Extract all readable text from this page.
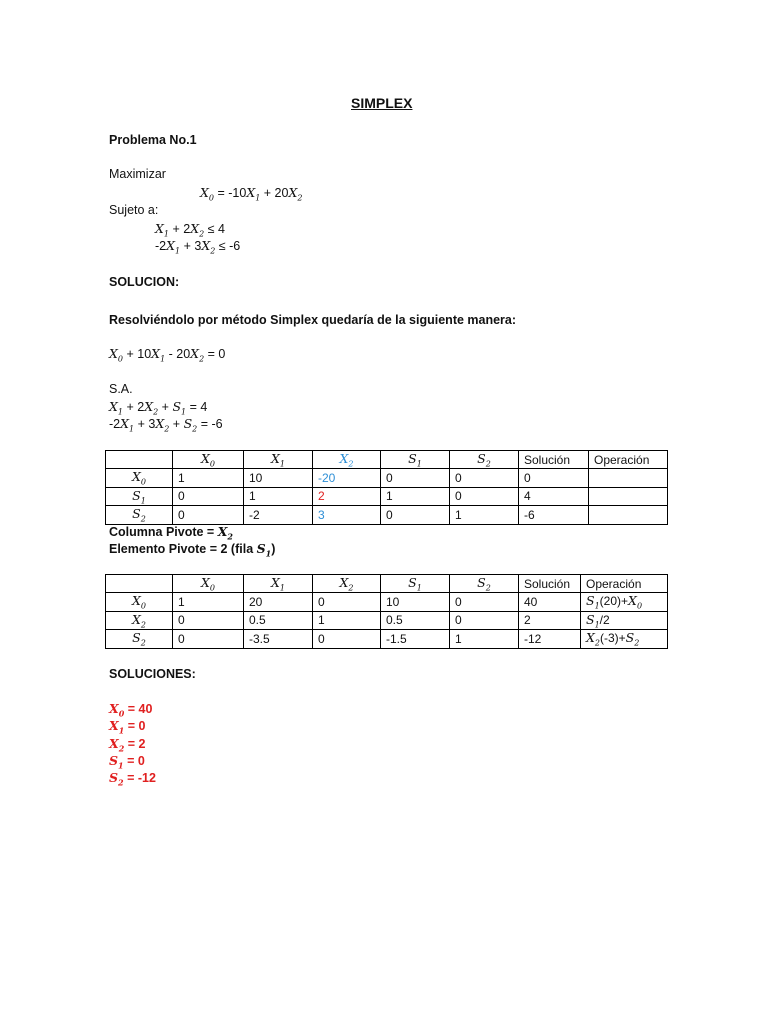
SIMPLEX
Problema No.1
Maximizar
$X_0 = -10X_1 + 20X_2$
Sujeto a:
$X_1 + 2X_2 \le 4$
$-2X_1 + 3X_2 \le -6$
SOLUCION:
Resolviéndolo por método Simplex quedaría de la siguiente manera:
$X_0 + 10X_1 - 20X_2 = 0$
S.A.
$X_1 + 2X_2 + S_1 = 4$
$-2X_1 + 3X_2 + S_2 = -6$
	$X_0$	$X_1$	$X_2$	$S_1$	$S_2$	Solución	Operación
$X_0$	1	10	-20	0	0	0	
$S_1$	0	1	2	1	0	4	
$S_2$	0	-2	3	0	1	-6	
Columna Pivote = $X_2$
Elemento Pivote = 2 (fila $S_1$)
	$X_0$	$X_1$	$X_2$	$S_1$	$S_2$	Solución	Operación
$X_0$	1	20	0	10	0	40	$S_1(20)+X_0$
$X_2$	0	0.5	1	0.5	0	2	$S_1/2$
$S_2$	0	-3.5	0	-1.5	1	-12	$X_2(-3)+S_2$
SOLUCIONES:
$X_0 = 40$
$X_1 = 0$
$X_2 = 2$
$S_1 = 0$
$S_2 = -12$
